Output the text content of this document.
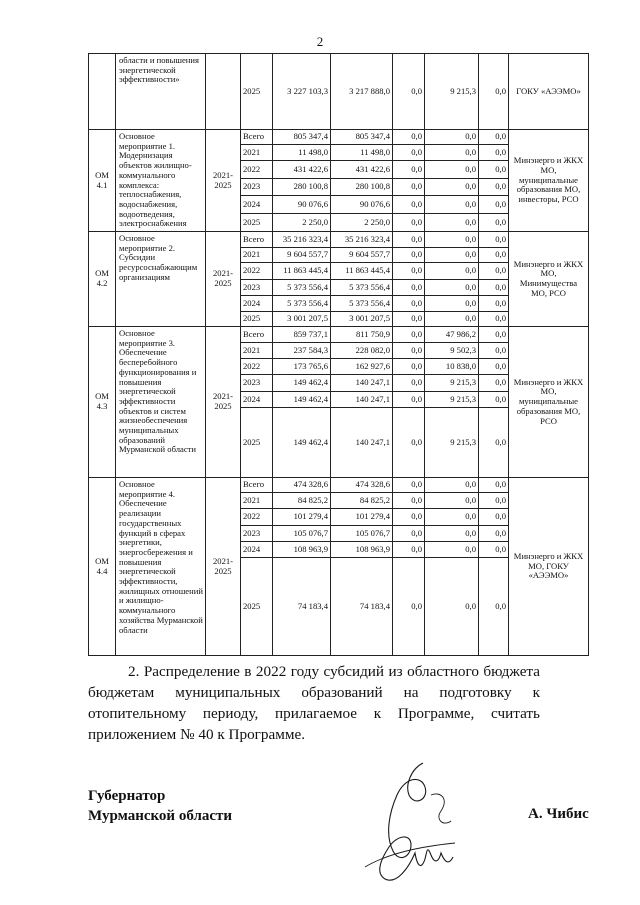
2
	области и повышения энергетической эффективности»		2025	3 227 103,3	3 217 888,0	0,0	9 215,3	0,0	ГОКУ «АЭЭМО»
ОМ 4.1	Основное мероприятие 1. Модернизация объектов жилищно-коммунального комплекса: теплоснабжения, водоснабжения, водоотведения, электроснабжения	2021-2025	Всего	805 347,4	805 347,4	0,0	0,0	0,0	Минэнерго и ЖКХ МО, муниципальные образования МО, инвесторы, РСО
			2021	11 498,0	11 498,0	0,0	0,0	0,0	
			2022	431 422,6	431 422,6	0,0	0,0	0,0	
			2023	280 100,8	280 100,8	0,0	0,0	0,0	
			2024	90 076,6	90 076,6	0,0	0,0	0,0	
			2025	2 250,0	2 250,0	0,0	0,0	0,0	
ОМ 4.2	Основное мероприятие 2. Субсидии ресурсоснабжающим организациям	2021-2025	Всего	35 216 323,4	35 216 323,4	0,0	0,0	0,0	Минэнерго и ЖКХ МО, Минимущества МО, РСО
			2021	9 604 557,7	9 604 557,7	0,0	0,0	0,0	
			2022	11 863 445,4	11 863 445,4	0,0	0,0	0,0	
			2023	5 373 556,4	5 373 556,4	0,0	0,0	0,0	
			2024	5 373 556,4	5 373 556,4	0,0	0,0	0,0	
			2025	3 001 207,5	3 001 207,5	0,0	0,0	0,0	
ОМ 4.3	Основное мероприятие 3. Обеспечение бесперебойного функционирования и повышения энергетической эффективности объектов и систем жизнеобеспечения муниципальных образований Мурманской области	2021-2025	Всего	859 737,1	811 750,9	0,0	47 986,2	0,0	Минэнерго и ЖКХ МО, муниципальные образования МО, РСО
			2021	237 584,3	228 082,0	0,0	9 502,3	0,0	
			2022	173 765,6	162 927,6	0,0	10 838,0	0,0	
			2023	149 462,4	140 247,1	0,0	9 215,3	0,0	
			2024	149 462,4	140 247,1	0,0	9 215,3	0,0	
			2025	149 462,4	140 247,1	0,0	9 215,3	0,0	
ОМ 4.4	Основное мероприятие 4. Обеспечение реализации государственных функций в сферах энергетики, энергосбережения и повышения энергетической эффективности, жилищных отношений и жилищно-коммунального хозяйства Мурманской области	2021-2025	Всего	474 328,6	474 328,6	0,0	0,0	0,0	Минэнерго и ЖКХ МО, ГОКУ «АЭЭМО»
			2021	84 825,2	84 825,2	0,0	0,0	0,0	
			2022	101 279,4	101 279,4	0,0	0,0	0,0	
			2023	105 076,7	105 076,7	0,0	0,0	0,0	
			2024	108 963,9	108 963,9	0,0	0,0	0,0	
			2025	74 183,4	74 183,4	0,0	0,0	0,0	

2. Распределение в 2022 году субсидий из областного бюджета бюджетам муниципальных образований на подготовку к отопительному периоду, прилагаемое к Программе, считать приложением № 40 к Программе.

Губернатор
Мурманской области	А. Чибис
